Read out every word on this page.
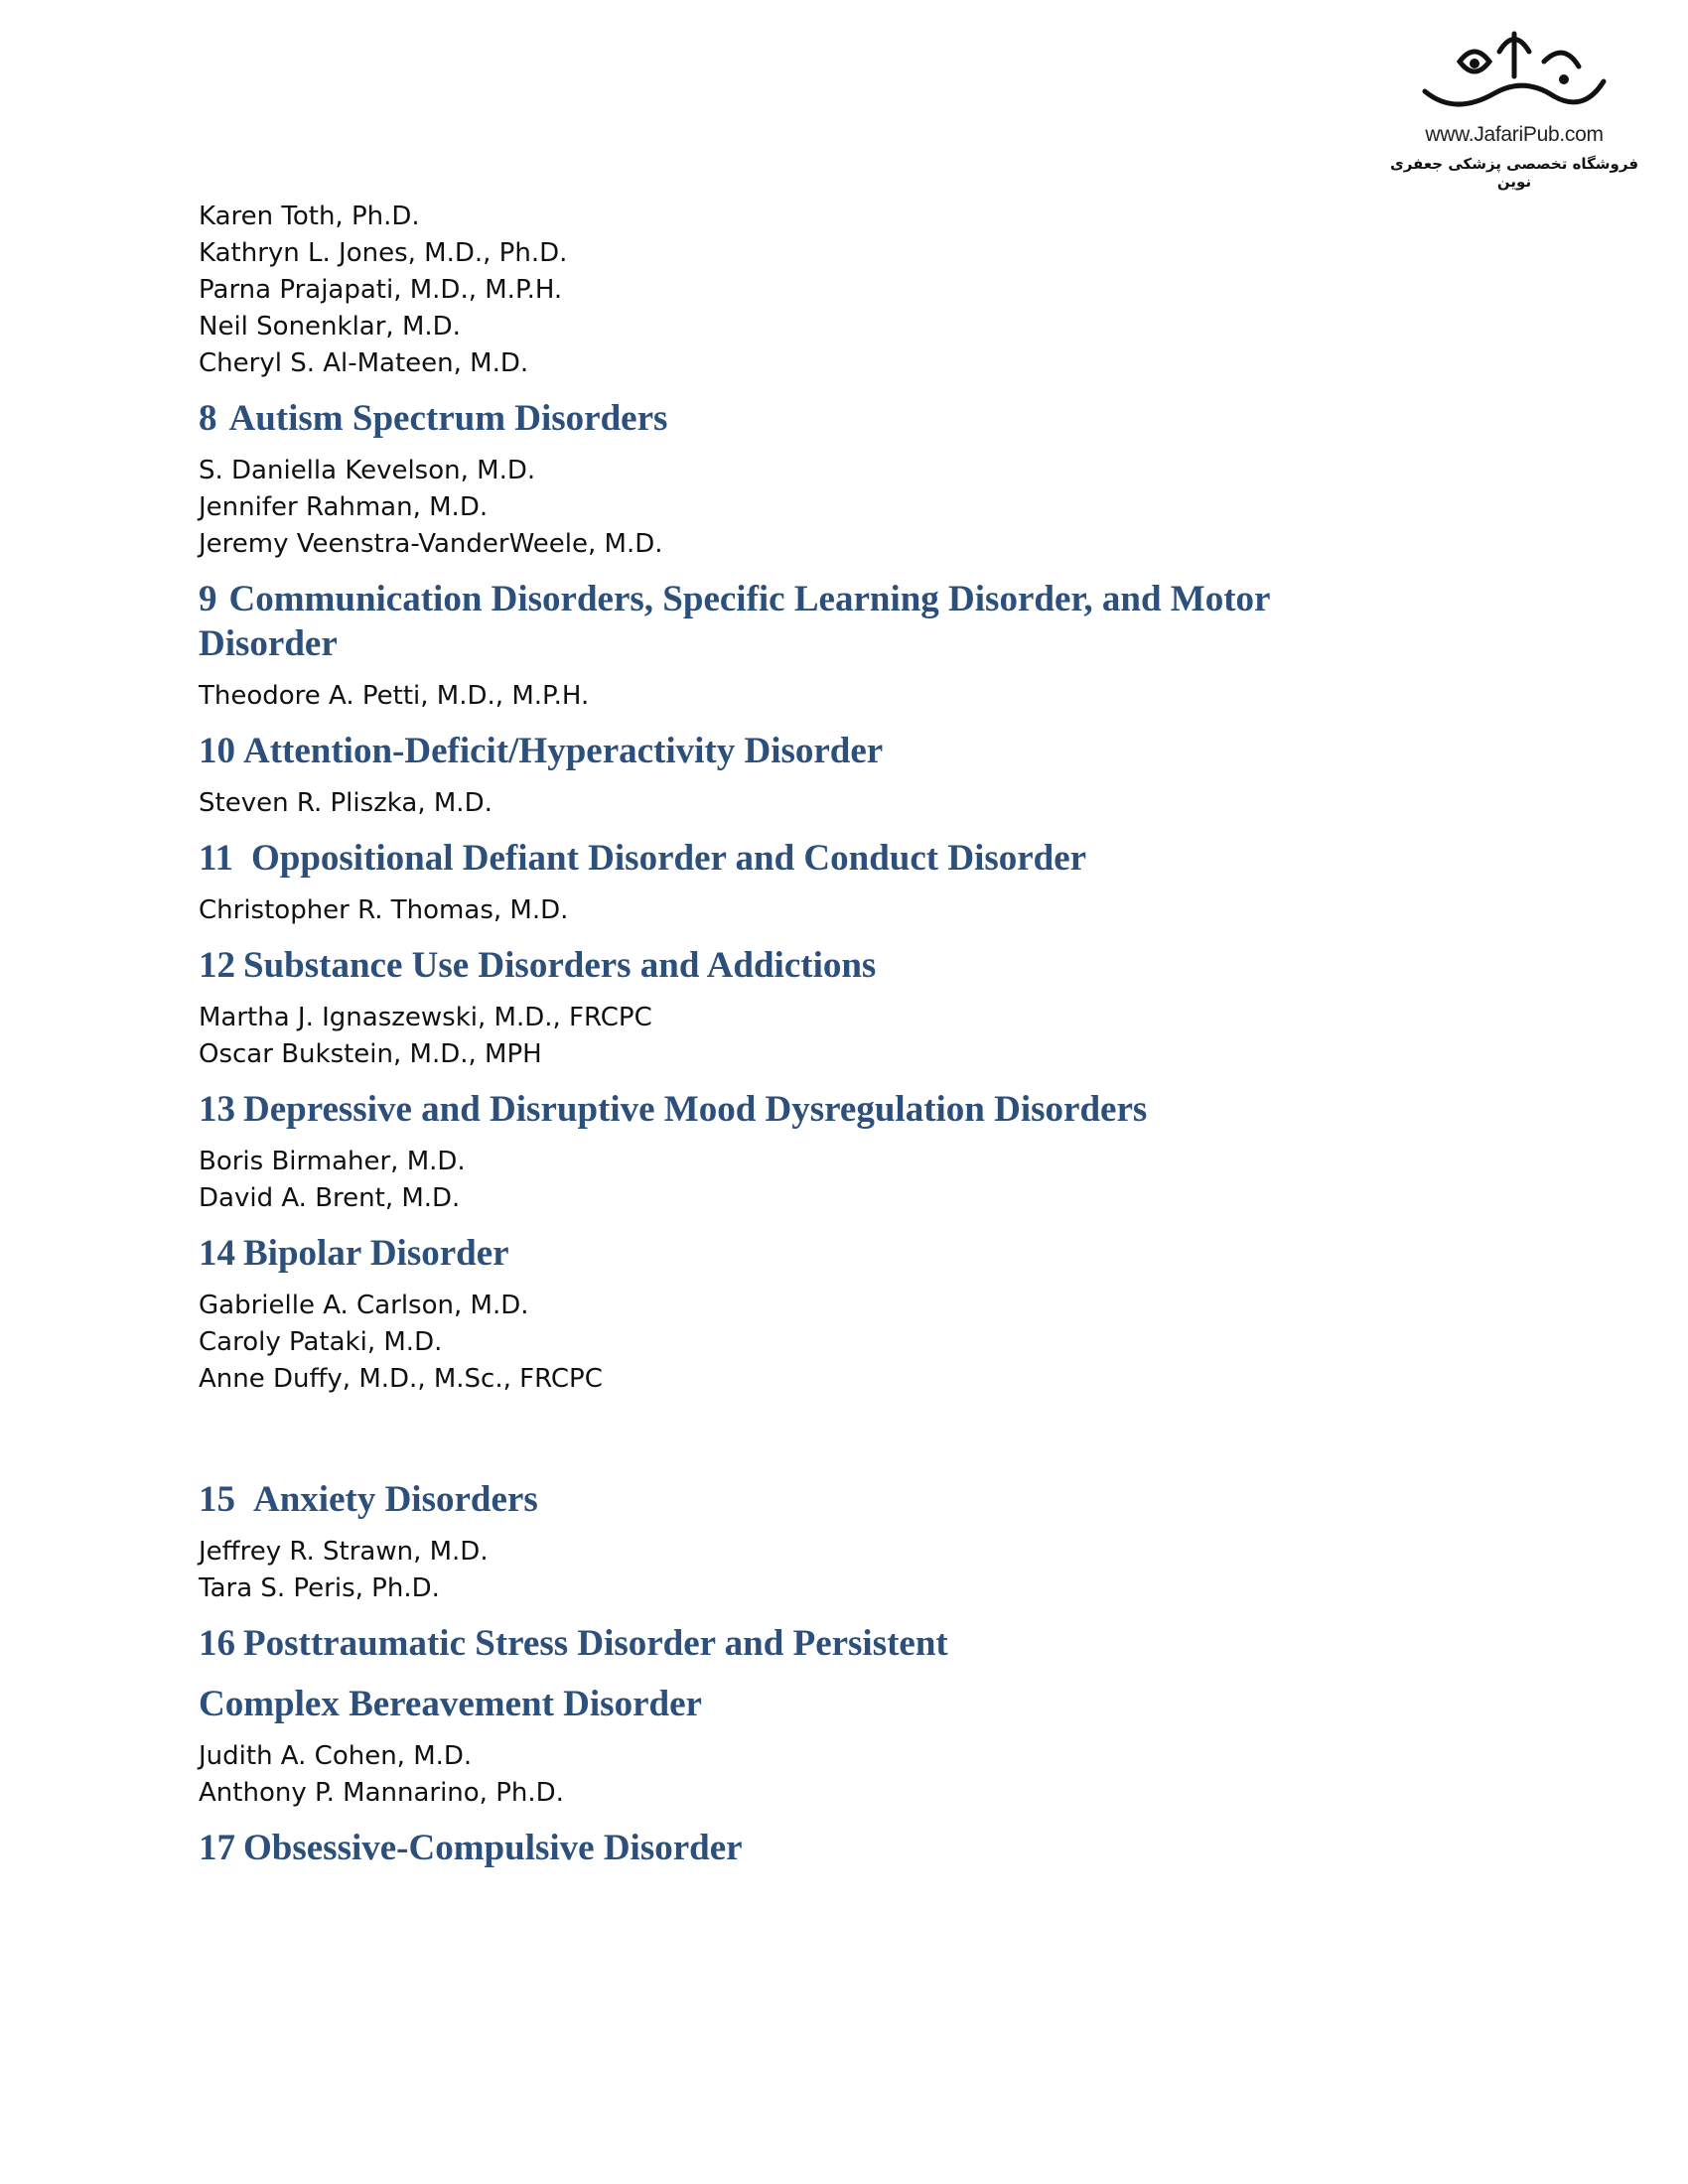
www.JafariPub.com
فروشگاه تخصصی پزشکی جعفری نوین
Karen Toth, Ph.D.
Kathryn L. Jones, M.D., Ph.D.
Parna Prajapati, M.D., M.P.H.
Neil Sonenklar, M.D.
Cheryl S. Al-Mateen, M.D.
8 Autism Spectrum Disorders
S. Daniella Kevelson, M.D.
Jennifer Rahman, M.D.
Jeremy Veenstra-VanderWeele, M.D.
9 Communication Disorders, Specific Learning Disorder, and Motor Disorder
Theodore A. Petti, M.D., M.P.H.
10 Attention-Deficit/Hyperactivity Disorder
Steven R. Pliszka, M.D.
11 Oppositional Defiant Disorder and Conduct Disorder
Christopher R. Thomas, M.D.
12 Substance Use Disorders and Addictions
Martha J. Ignaszewski, M.D., FRCPC
Oscar Bukstein, M.D., MPH
13 Depressive and Disruptive Mood Dysregulation Disorders
Boris Birmaher, M.D.
David A. Brent, M.D.
14 Bipolar Disorder
Gabrielle A. Carlson, M.D.
Caroly Pataki, M.D.
Anne Duffy, M.D., M.Sc., FRCPC
15 Anxiety Disorders
Jeffrey R. Strawn, M.D.
Tara S. Peris, Ph.D.
16 Posttraumatic Stress Disorder and Persistent
Complex Bereavement Disorder
Judith A. Cohen, M.D.
Anthony P. Mannarino, Ph.D.
17 Obsessive-Compulsive Disorder
